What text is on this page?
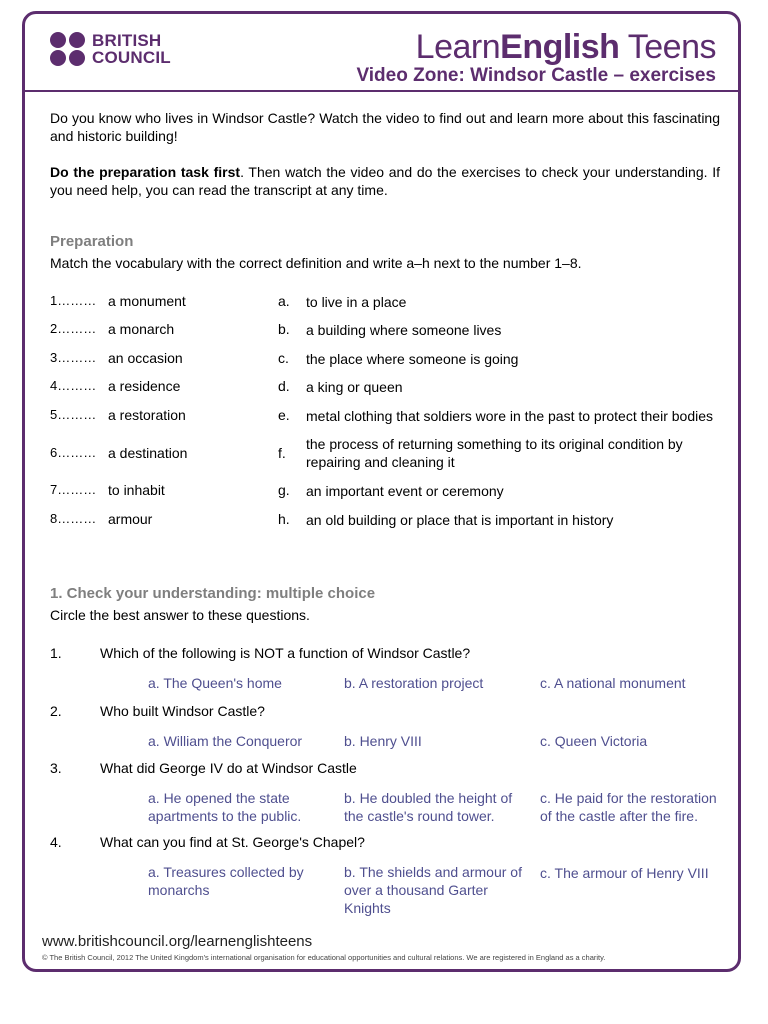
BRITISH
COUNCIL	LearnEnglish Teens
Video Zone: Windsor Castle – exercises
Do you know who lives in Windsor Castle? Watch the video to find out and learn more about this fascinating and historic building!
Do the preparation task first. Then watch the video and do the exercises to check your understanding. If you need help, you can read the transcript at any time.
Preparation
Match the vocabulary with the correct definition and write a–h next to the number 1–8.
1……… a monument	a. to live in a place
2……… a monarch	b. a building where someone lives
3……… an occasion	c. the place where someone is going
4……… a residence	d. a king or queen
5……… a restoration	e. metal clothing that soldiers wore in the past to protect their bodies
6……… a destination	f.
the process of returning something to its original condition by repairing and cleaning it
7……… to inhabit	g. an important event or ceremony
8……… armour	h. an old building or place that is important in history
1. Check your understanding: multiple choice
Circle the best answer to these questions.
1.	Which of the following is NOT a function of Windsor Castle?
a. The Queen's home	b. A restoration project	c. A national monument
2.	Who built Windsor Castle?
a. William the Conqueror	b. Henry VIII	c. Queen Victoria
3.	What did George IV do at Windsor Castle
a. He opened the state apartments to the public.
b. He doubled the height of the castle's round tower.
c. He paid for the restoration of the castle after the fire.
4.	What can you find at St. George's Chapel?
a. Treasures collected by monarchs
b. The shields and armour of over a thousand Garter Knights
c. The armour of Henry VIII
www.britishcouncil.org/learnenglishteens
© The British Council, 2012 The United Kingdom's international organisation for educational opportunities and cultural relations. We are registered in England as a charity.
